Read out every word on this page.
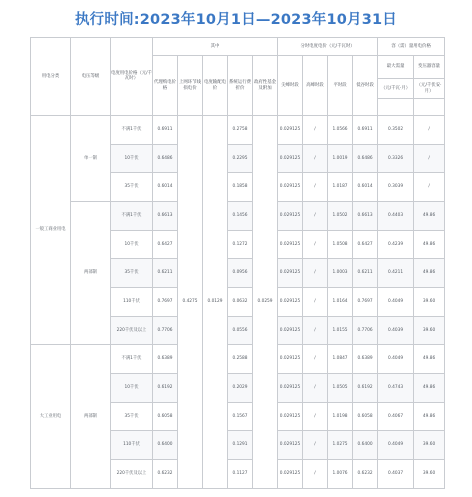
执行时间:2023年10月1日—2023年10月31日
用电分类	电压等级	电度用电价格（元/千瓦时）	其中					分时电度电价（元/千瓦时）				容（需）量用电价格		
			代理购电价格	上网环节线损电价	电度输配电价	系统运行费折价	政府性基金及附加	尖峰时段	高峰时段	平时段	低谷时段	最大需量	变压器容量	
												（元/千瓦·月）	（元/千伏安·月）	

一般工商业用电	单一制	不满1千伏	0.6911	0.4275	0.0129	0.2758	0.0259	0.029125	/	1.0566	0.6911	0.3502	/	
		10千伏	0.6486			0.2295		0.029125	/	1.0019	0.6486	0.3326	/	
		35千伏	0.6014			0.1858		0.029125	/	1.0187	0.6014	0.3039	/	
	两部制	不满1千伏	0.6613			0.1456		0.029125	/	1.0502	0.6613	0.4403	49.86	
		10千伏	0.6427			0.1272		0.029125	/	1.0508	0.6427	0.4239	49.86	
		35千伏	0.6211			0.0956		0.029125	/	1.0003	0.6211	0.4211	49.86	
		110千伏	0.7697			0.0632		0.029125	/	1.0164	0.7697	0.4049	39.60	
		220千伏及以上	0.7706			0.0556		0.029125	/	1.0155	0.7706	0.4039	39.60	
大工业用电	两部制	不满1千伏	0.6389			0.2588		0.029125	/	1.0847	0.6389	0.4049	49.86	
		10千伏	0.6192			0.2029		0.029125	/	1.0505	0.6192	0.4743	49.86	
		35千伏	0.6058			0.1567		0.029125	/	1.0198	0.6058	0.4067	49.86	
		110千伏	0.6400			0.1291		0.029125	/	1.0275	0.6400	0.4049	39.60	
		220千伏及以上	0.6232			0.1127		0.029125	/	1.0076	0.6232	0.4037	39.60	
